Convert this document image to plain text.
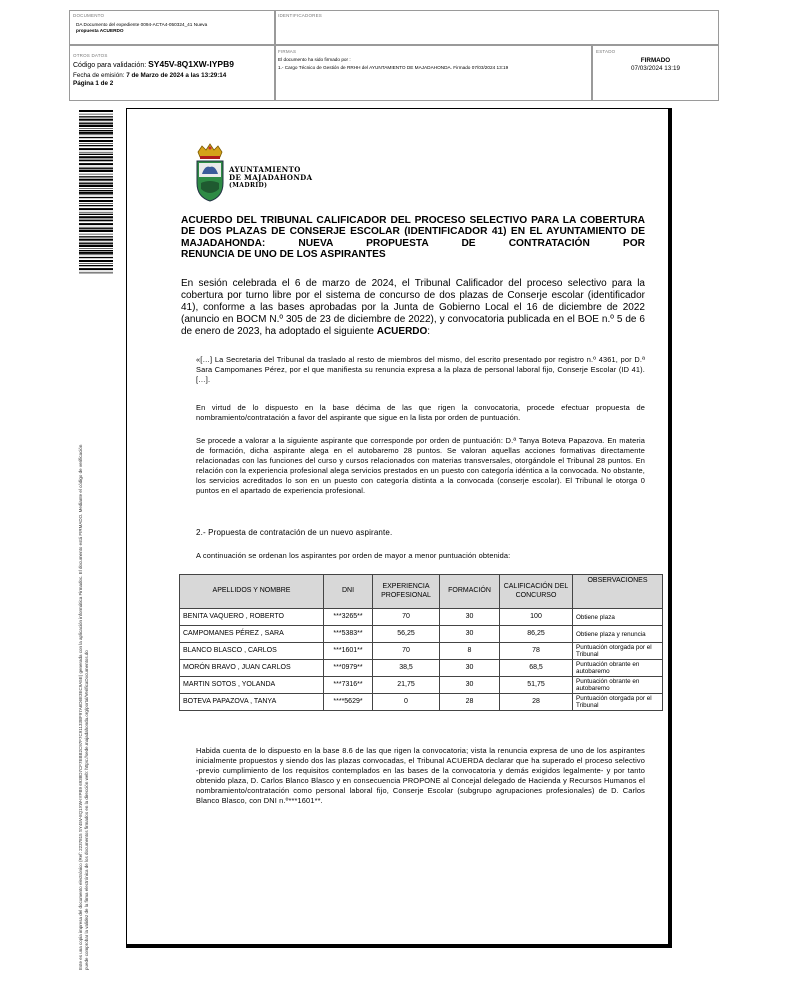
DOCUMENTO
DA Documento del expediente 0094-ACTA4-050324_41 Nueva
propuesta ACUERDO
IDENTIFICADORES
OTROS DATOS
Código para validación: SY45V-8Q1XW-IYPB9
Fecha de emisión: 7 de Marzo de 2024 a las 13:29:14
Página 1 de 2
FIRMAS
El documento ha sido firmado por :
1.- Cargo Técnico de Gestión de RRHH del AYUNTAMIENTO DE MAJADAHONDA. Firmado 07/03/2024 13:19
ESTADO
FIRMADO
07/03/2024 13:19
Este es una copia impresa del documento electrónico (Ref: 2237815 SY45V-8Q1XW-IYPB9 6938D7CF7EBB2C97F7C91133BF97A6D6E3EC9A5E) generada con la aplicación informática Firmadoc. El documento está FIRMADO. Mediante el código de verificación puede comprobar la validez de la firma electrónica de los documentos firmados en la dirección web: https://sede.majadahonda.org/portal/VerificaDocumentos.do
AYUNTAMIENTO
DE MAJADAHONDA
(MADRID)
ACUERDO DEL TRIBUNAL CALIFICADOR DEL PROCESO SELECTIVO PARA LA COBERTURA DE DOS PLAZAS DE CONSERJE ESCOLAR (IDENTIFICADOR 41) EN EL AYUNTAMIENTO DE MAJADAHONDA: NUEVA PROPUESTA DE CONTRATACIÓN POR
RENUNCIA DE UNO DE LOS ASPIRANTES
En sesión celebrada el 6 de marzo de 2024, el Tribunal Calificador del proceso selectivo para la cobertura por turno libre por el sistema de concurso de dos plazas de Conserje escolar (identificador 41), conforme a las bases aprobadas por la Junta de Gobierno Local el 16 de diciembre de 2022 (anuncio en BOCM N.º 305 de 23 de diciembre de 2022), y convocatoria publicada en el BOE n.º 5 de 6 de enero de 2023, ha adoptado el siguiente ACUERDO:
«[…] La Secretaria del Tribunal da traslado al resto de miembros del mismo, del escrito presentado por registro n.º 4361, por D.ª Sara Campomanes Pérez, por el que manifiesta su renuncia expresa a la plaza de personal laboral fijo, Conserje Escolar (ID 41). […].
En virtud de lo dispuesto en la base décima de las que rigen la convocatoria, procede efectuar propuesta de nombramiento/contratación a favor del aspirante que sigue en la lista por orden de puntuación.
Se procede a valorar a la siguiente aspirante que corresponde por orden de puntuación: D.ª Tanya Boteva Papazova. En materia de formación, dicha aspirante alega en el autobaremo 28 puntos. Se valoran aquellas acciones formativas directamente relacionadas con las funciones del curso y cursos relacionados con materias transversales, otorgándole el Tribunal 28 puntos. En relación con la experiencia profesional alega servicios prestados en un puesto con categoría idéntica a la convocada. No obstante, los servicios acreditados lo son en un puesto con categoría distinta a la convocada (conserje escolar). El Tribunal le otorga 0 puntos en el apartado de experiencia profesional.
2.- Propuesta de contratación de un nuevo aspirante.
A continuación se ordenan los aspirantes por orden de mayor a menor puntuación obtenida:
APELLIDOS Y NOMBRE	DNI	EXPERIENCIA PROFESIONAL	FORMACIÓN	CALIFICACIÓN DEL CONCURSO	OBSERVACIONES
BENITA VAQUERO , ROBERTO	***3265**	70	30	100	Obtiene plaza
CAMPOMANES PÉREZ , SARA	***5383**	56,25	30	86,25	Obtiene plaza y renuncia
BLANCO BLASCO , CARLOS	***1601**	70	8	78	Puntuación otorgada por el Tribunal
MORÓN BRAVO , JUAN CARLOS	***0979**	38,5	30	68,5	Puntuación obrante en autobaremo
MARTIN SOTOS , YOLANDA	***7316**	21,75	30	51,75	Puntuación obrante en autobaremo
BOTEVA PAPAZOVA , TANYA	****5629*	0	28	28	Puntuación otorgada por el Tribunal
Habida cuenta de lo dispuesto en la base 8.6 de las que rigen la convocatoria; vista la renuncia expresa de uno de los aspirantes inicialmente propuestos y siendo dos las plazas convocadas, el Tribunal ACUERDA declarar que ha superado el proceso selectivo -previo cumplimiento de los requisitos contemplados en las bases de la convocatoria y demás exigidos legalmente- y por tanto obtenido plaza, D. Carlos Blanco Blasco y en consecuencia PROPONE al Concejal delegado de Hacienda y Recursos Humanos el nombramiento/contratación como personal laboral fijo, Conserje Escolar (subgrupo agrupaciones profesionales) de D. Carlos Blanco Blasco, con DNI n.º***1601**.
